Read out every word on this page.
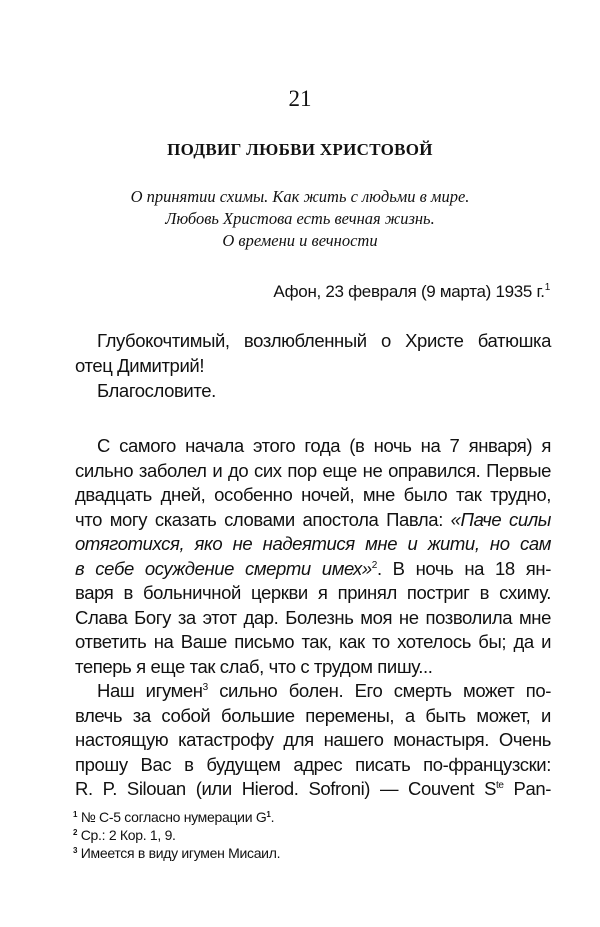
21
ПОДВИГ ЛЮБВИ ХРИСТОВОЙ
О принятии схимы. Как жить с людьми в мире.
Любовь Христова есть вечная жизнь.
О времени и вечности
Афон, 23 февраля (9 марта) 1935 г.$^1$
Глубокочтимый, возлюбленный о Христе батюшка
отец Димитрий!
Благословите.
С самого начала этого года (в ночь на 7 января) я
сильно заболел и до сих пор еще не оправился. Первые
двадцать дней, особенно ночей, мне было так трудно,
что могу сказать словами апостола Павла: «Паче силы
отяготихся, яко не надеятися мне и жити, но сам
в себе осуждение смерти имех»$^2$. В ночь на 18 ян-
варя в больничной церкви я принял постриг в схиму.
Слава Богу за этот дар. Болезнь моя не позволила мне
ответить на Ваше письмо так, как то хотелось бы; да и
теперь я еще так слаб, что с трудом пишу...
Наш игумен$^3$ сильно болен. Его смерть может по-
влечь за собой большие перемены, а быть может, и
настоящую катастрофу для нашего монастыря. Очень
прошу Вас в будущем адрес писать по-французски:
R. P. Silouan (или Hierod. Sofroni) — Couvent $S^{te}$ Pan-
$^1$ № С-5 согласно нумерации $G^1$.
$^2$ Ср.: 2 Кор. 1, 9.
$^3$ Имеется в виду игумен Мисаил.
